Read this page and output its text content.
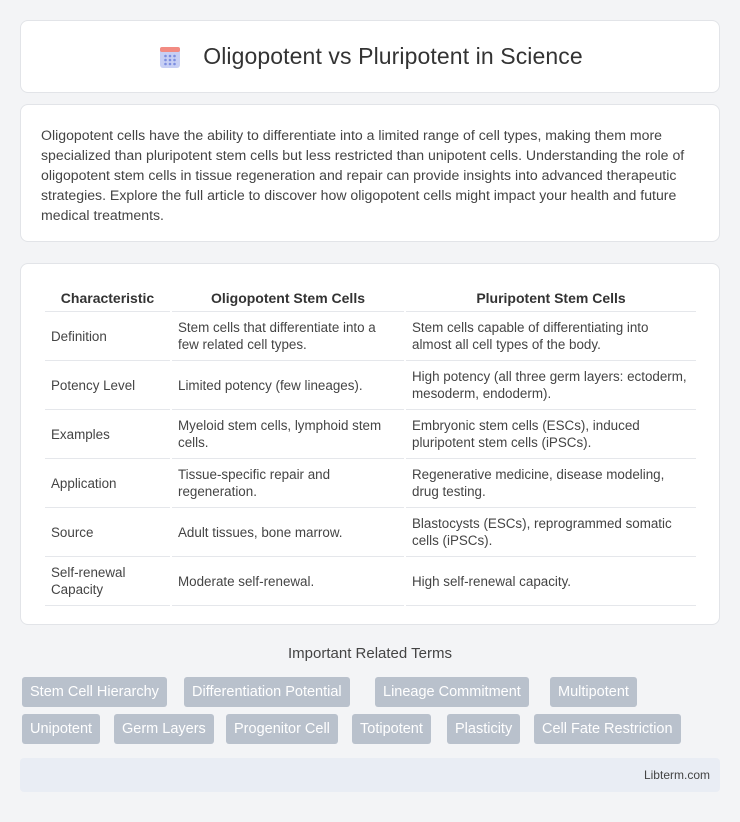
Oligopotent vs Pluripotent in Science

Oligopotent cells have the ability to differentiate into a limited range of cell types, making them more specialized than pluripotent stem cells but less restricted than unipotent cells. Understanding the role of oligopotent stem cells in tissue regeneration and repair can provide insights into advanced therapeutic strategies. Explore the full article to discover how oligopotent cells might impact your health and future medical treatments.

Characteristic	Oligopotent Stem Cells	Pluripotent Stem Cells
Definition	Stem cells that differentiate into a few related cell types.	Stem cells capable of differentiating into almost all cell types of the body.
Potency Level	Limited potency (few lineages).	High potency (all three germ layers: ectoderm, mesoderm, endoderm).
Examples	Myeloid stem cells, lymphoid stem cells.	Embryonic stem cells (ESCs), induced pluripotent stem cells (iPSCs).
Application	Tissue-specific repair and regeneration.	Regenerative medicine, disease modeling, drug testing.
Source	Adult tissues, bone marrow.	Blastocysts (ESCs), reprogrammed somatic cells (iPSCs).
Self-renewal Capacity	Moderate self-renewal.	High self-renewal capacity.
Important Related Terms
Stem Cell Hierarchy	Differentiation Potential	Lineage Commitment	Multipotent
Unipotent	Germ Layers	Progenitor Cell	Totipotent	Plasticity	Cell Fate Restriction
Libterm.com
